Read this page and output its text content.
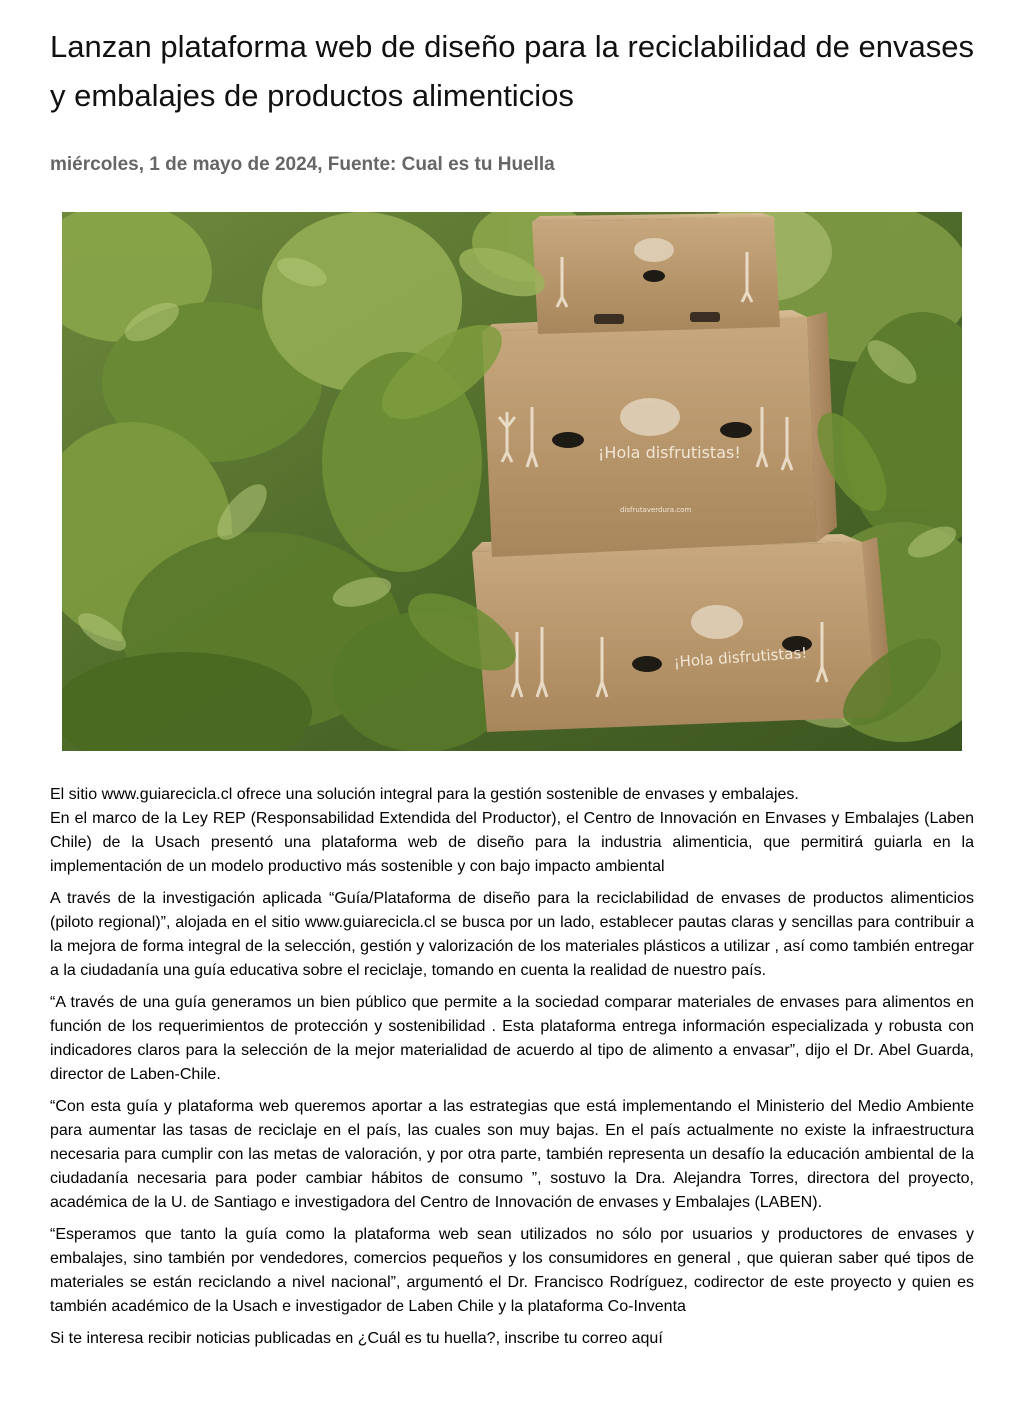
Lanzan plataforma web de diseño para la reciclabilidad de envases y embalajes de productos alimenticios

miércoles, 1 de mayo de 2024, Fuente: Cual es tu Huella

¡Hola disfrutistas!
¡Hola disfrutistas!
disfrutaverdura.com

El sitio www.guiarecicla.cl ofrece una solución integral para la gestión sostenible de envases y embalajes.

En el marco de la Ley REP (Responsabilidad Extendida del Productor), el Centro de Innovación en Envases y Embalajes (Laben Chile) de la Usach presentó una plataforma web de diseño para la industria alimenticia, que permitirá guiarla en la implementación de un modelo productivo más sostenible y con bajo impacto ambiental

A través de la investigación aplicada “Guía/Plataforma de diseño para la reciclabilidad de envases de productos alimenticios (piloto regional)”, alojada en el sitio www.guiarecicla.cl se busca por un lado, establecer pautas claras y sencillas para contribuir a la mejora de forma integral de la selección, gestión y valorización de los materiales plásticos a utilizar , así como también entregar a la ciudadanía una guía educativa sobre el reciclaje, tomando en cuenta la realidad de nuestro país.

“A través de una guía generamos un bien público que permite a la sociedad comparar materiales de envases para alimentos en función de los requerimientos de protección y sostenibilidad . Esta plataforma entrega información especializada y robusta con indicadores claros para la selección de la mejor materialidad de acuerdo al tipo de alimento a envasar”, dijo el Dr. Abel Guarda, director de Laben-Chile.

“Con esta guía y plataforma web queremos aportar a las estrategias que está implementando el Ministerio del Medio Ambiente para aumentar las tasas de reciclaje en el país, las cuales son muy bajas. En el país actualmente no existe la infraestructura necesaria para cumplir con las metas de valoración, y por otra parte, también representa un desafío la educación ambiental de la ciudadanía necesaria para poder cambiar hábitos de consumo ”, sostuvo la Dra. Alejandra Torres, directora del proyecto, académica de la U. de Santiago e investigadora del Centro de Innovación de envases y Embalajes (LABEN).

“Esperamos que tanto la guía como la plataforma web sean utilizados no sólo por usuarios y productores de envases y embalajes, sino también por vendedores, comercios pequeños y los consumidores en general , que quieran saber qué tipos de materiales se están reciclando a nivel nacional”, argumentó el Dr. Francisco Rodríguez, codirector de este proyecto y quien es también académico de la Usach e investigador de Laben Chile y la plataforma Co-Inventa

Si te interesa recibir noticias publicadas en ¿Cuál es tu huella?, inscribe tu correo aquí
